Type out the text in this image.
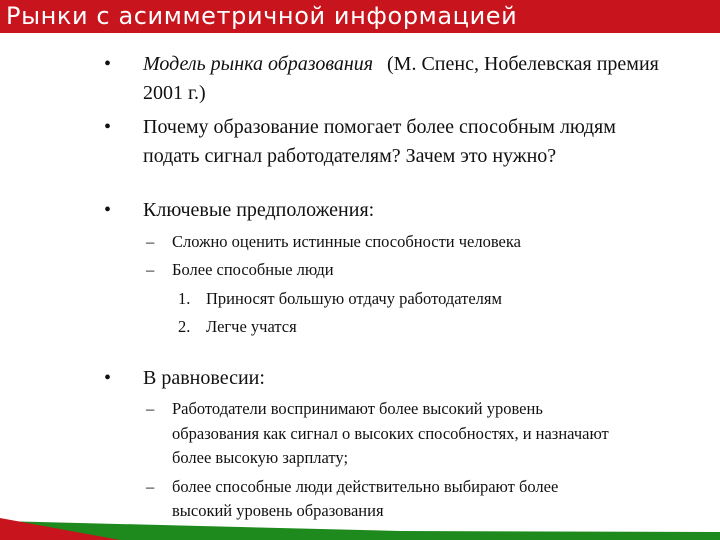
Рынки с асимметричной информацией
• Модель рынка образования (М. Спенс, Нобелевская премия
2001 г.)
• Почему образование помогает более способным людям
подать сигнал работодателям? Зачем это нужно?
• Ключевые предположения:
– Сложно оценить истинные способности человека
– Более способные люди
1. Приносят большую отдачу работодателям
2. Легче учатся
• В равновесии:
– Работодатели воспринимают более высокий уровень
образования как сигнал о высоких способностях, и назначают
более высокую зарплату;
– более способные люди действительно выбирают более
высокий уровень образования
